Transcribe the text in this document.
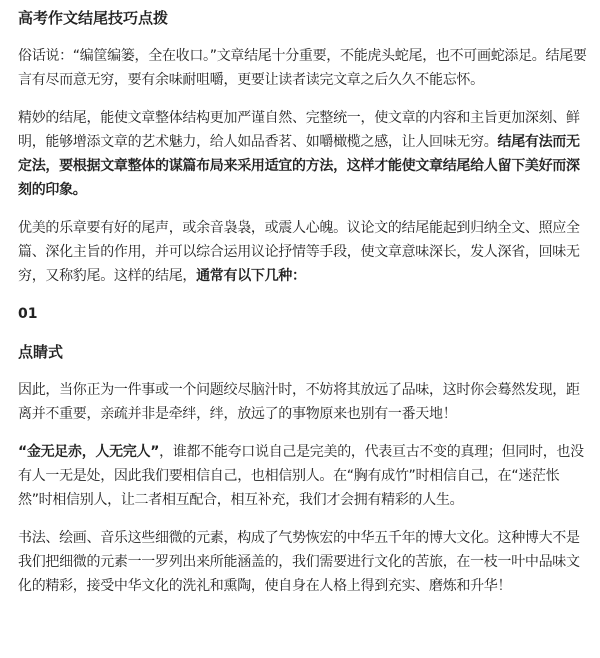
高考作文结尾技巧点拨
俗话说：“编筐编篓，全在收口。”文章结尾十分重要，不能虎头蛇尾，也不可画蛇添足。结尾要言有尽而意无穷，要有余味耐咀嚼，更要让读者读完文章之后久久不能忘怀。
精妙的结尾，能使文章整体结构更加严谨自然、完整统一，使文章的内容和主旨更加深刻、鲜明，能够增添文章的艺术魅力，给人如品香茗、如嚼橄榄之感，让人回味无穷。结尾有法而无定法，要根据文章整体的谋篇布局来采用适宜的方法，这样才能使文章结尾给人留下美好而深刻的印象。
优美的乐章要有好的尾声，或余音袅袅，或震人心魄。议论文的结尾能起到归纳全文、照应全篇、深化主旨的作用，并可以综合运用议论抒情等手段，使文章意味深长，发人深省，回味无穷，又称豹尾。这样的结尾，通常有以下几种：
01
点睛式
因此，当你正为一件事或一个问题绞尽脑汁时，不妨将其放远了品味，这时你会蓦然发现，距离并不重要，亲疏并非是牵绊，绊，放远了的事物原来也别有一番天地！
“金无足赤，人无完人”，谁都不能夸口说自己是完美的，代表亘古不变的真理；但同时，也没有人一无是处，因此我们要相信自己，也相信别人。在“胸有成竹”时相信自己，在“迷茫怅然”时相信别人，让二者相互配合，相互补充，我们才会拥有精彩的人生。
书法、绘画、音乐这些细微的元素，构成了气势恢宏的中华五千年的博大文化。这种博大不是我们把细微的元素一一罗列出来所能涵盖的，我们需要进行文化的苦旅，在一枝一叶中品味文化的精彩，接受中华文化的洗礼和熏陶，使自身在人格上得到充实、磨炼和升华！
